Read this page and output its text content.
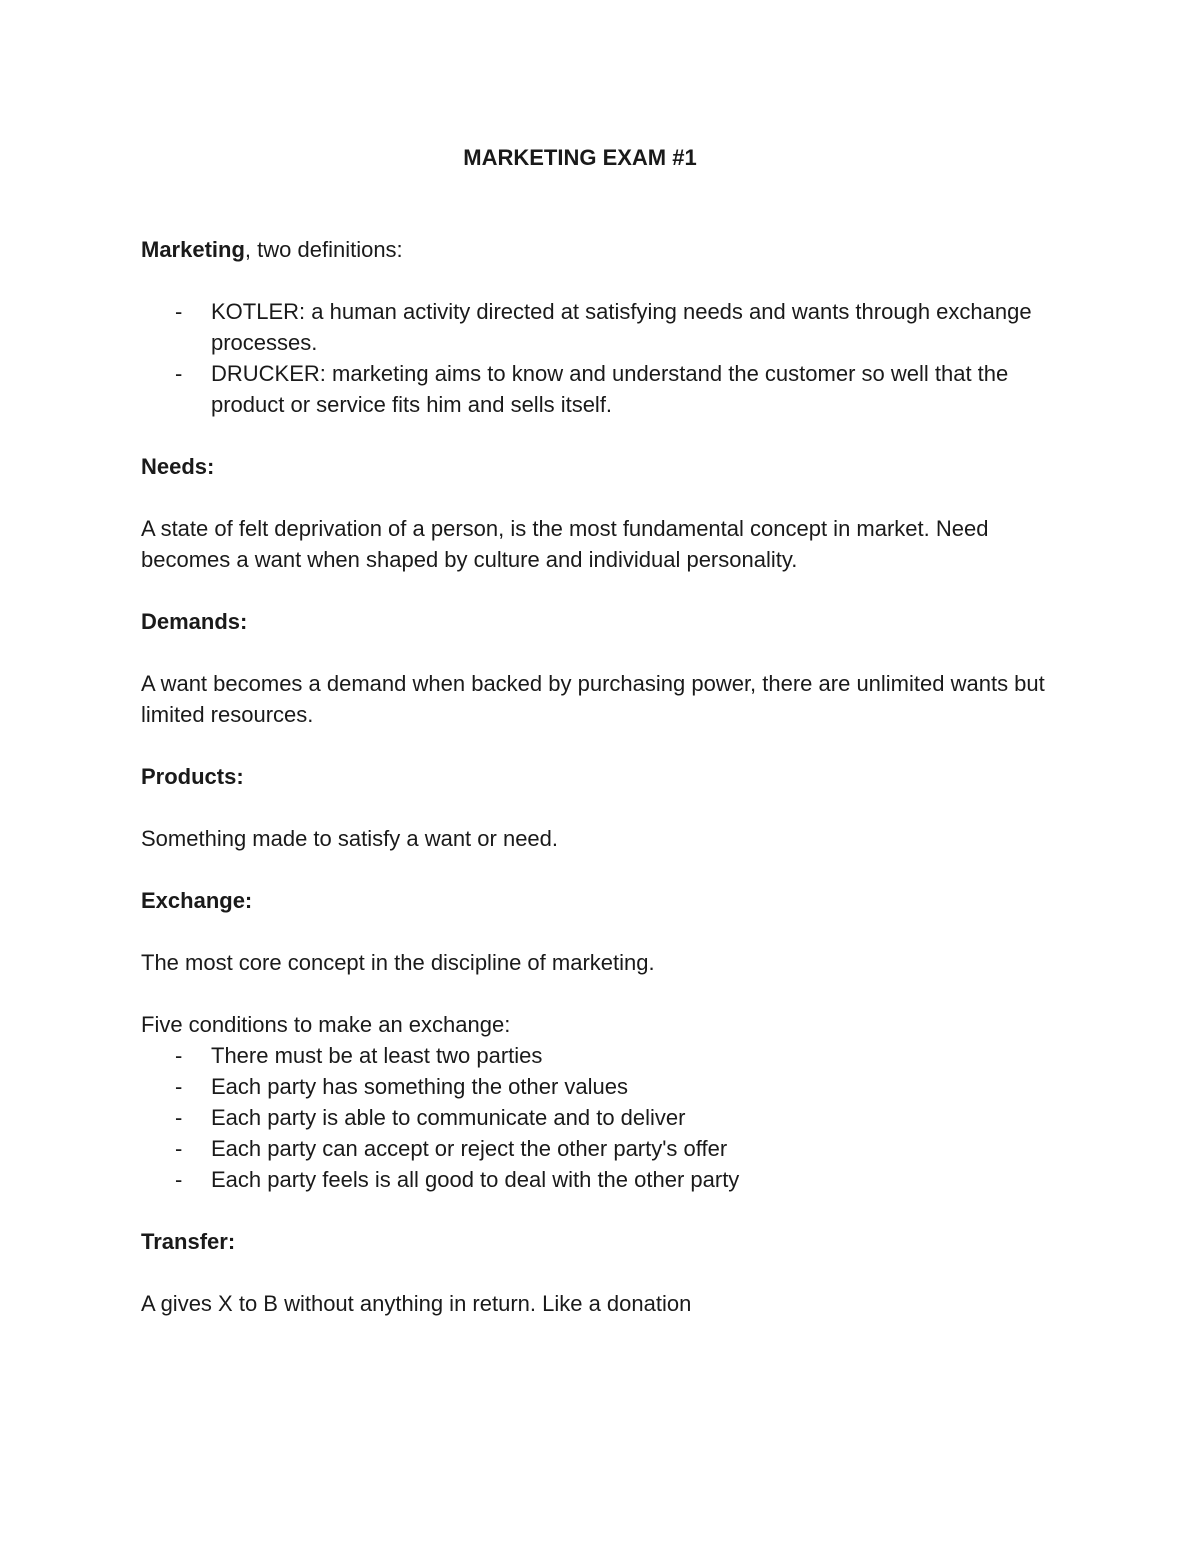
MARKETING EXAM #1

Marketing, two definitions:

- KOTLER: a human activity directed at satisfying needs and wants through exchange processes.
- DRUCKER: marketing aims to know and understand the customer so well that the product or service fits him and sells itself.

Needs:

A state of felt deprivation of a person, is the most fundamental concept in market. Need becomes a want when shaped by culture and individual personality.

Demands:

A want becomes a demand when backed by purchasing power, there are unlimited wants but limited resources.

Products:

Something made to satisfy a want or need.

Exchange:

The most core concept in the discipline of marketing.

Five conditions to make an exchange:

- There must be at least two parties
- Each party has something the other values
- Each party is able to communicate and to deliver
- Each party can accept or reject the other party's offer
- Each party feels is all good to deal with the other party

Transfer:

A gives X to B without anything in return. Like a donation
